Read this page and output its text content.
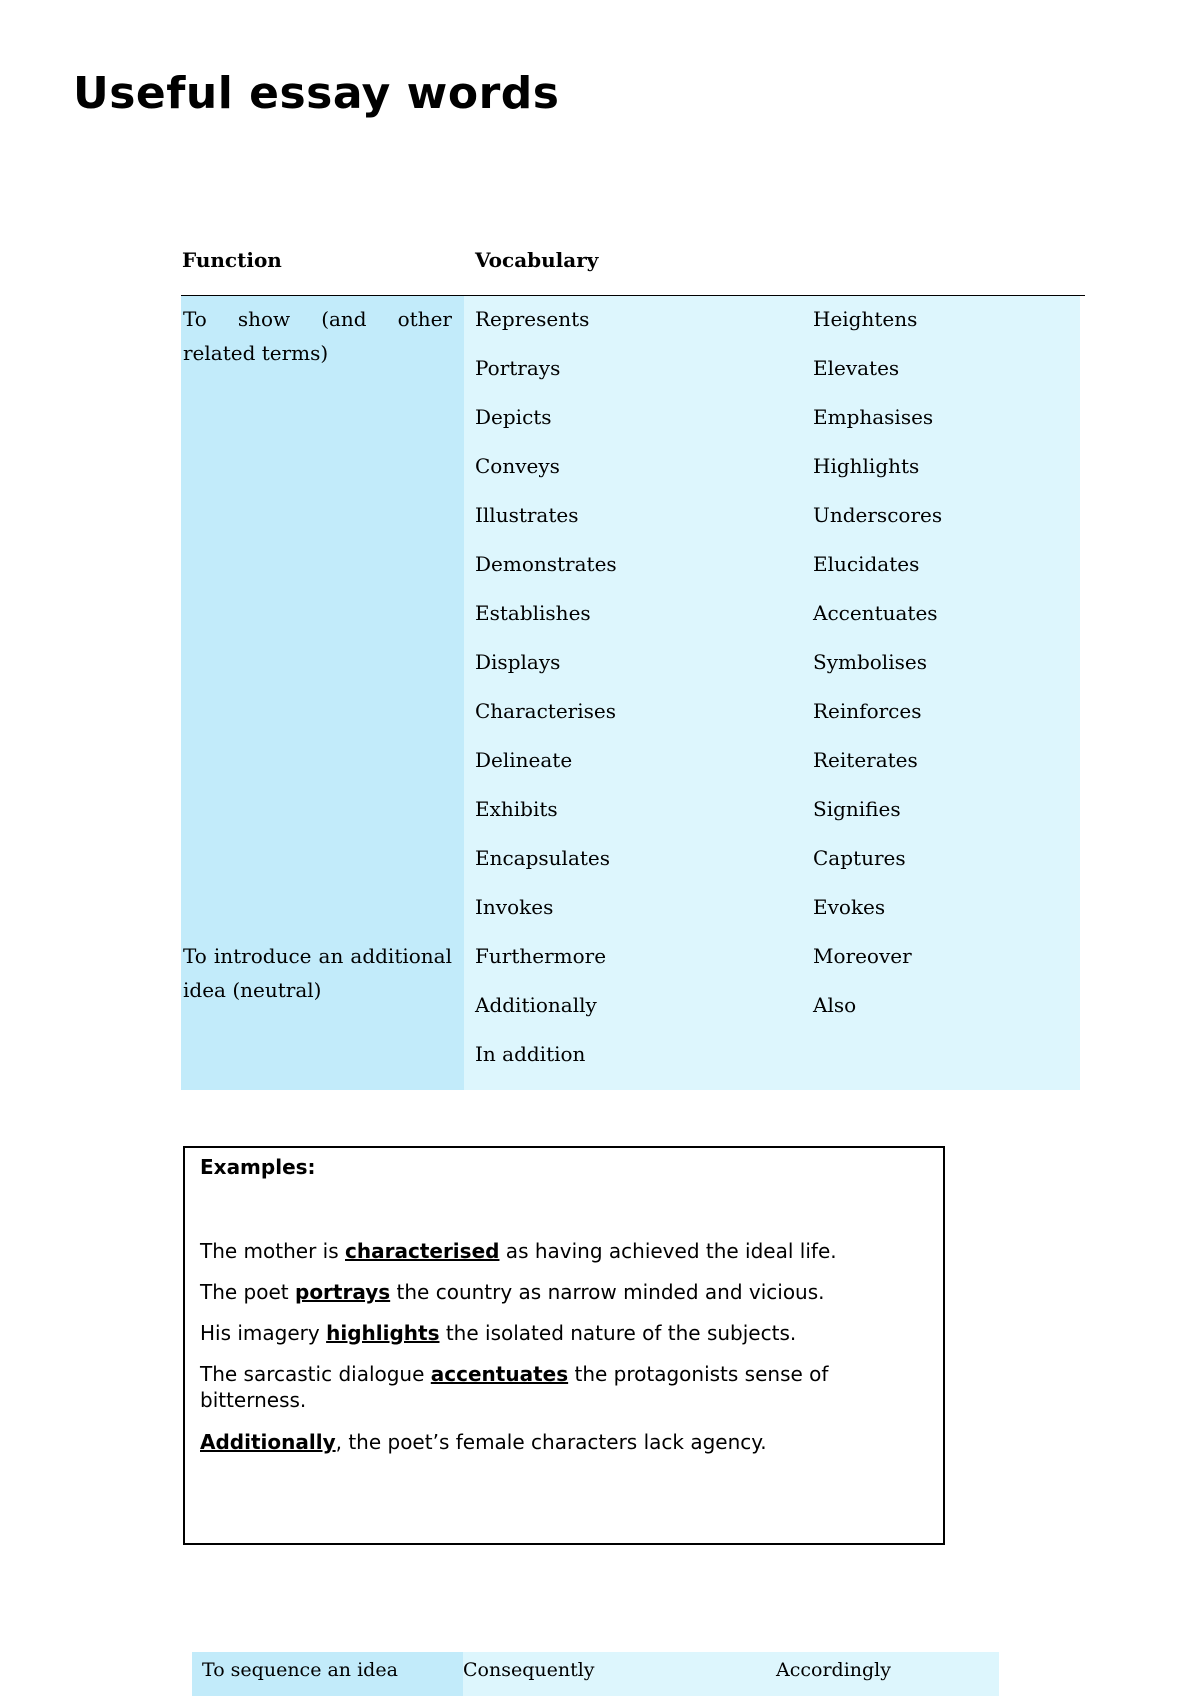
Useful essay words
Function	Vocabulary
To show (and other related terms)
Represents	Heightens
Portrays	Elevates
Depicts	Emphasises
Conveys	Highlights
Illustrates	Underscores
Demonstrates	Elucidates
Establishes	Accentuates
Displays	Symbolises
Characterises	Reinforces
Delineate	Reiterates
Exhibits	Signifies
Encapsulates	Captures
Invokes	Evokes
To introduce an additional idea (neutral)
Furthermore	Moreover
Additionally	Also
In addition
Examples:

The mother is characterised as having achieved the ideal life.

The poet portrays the country as narrow minded and vicious.

His imagery highlights the isolated nature of the subjects.

The sarcastic dialogue accentuates the protagonists sense of bitterness.

Additionally, the poet’s female characters lack agency.

To sequence an idea	Consequently	Accordingly
